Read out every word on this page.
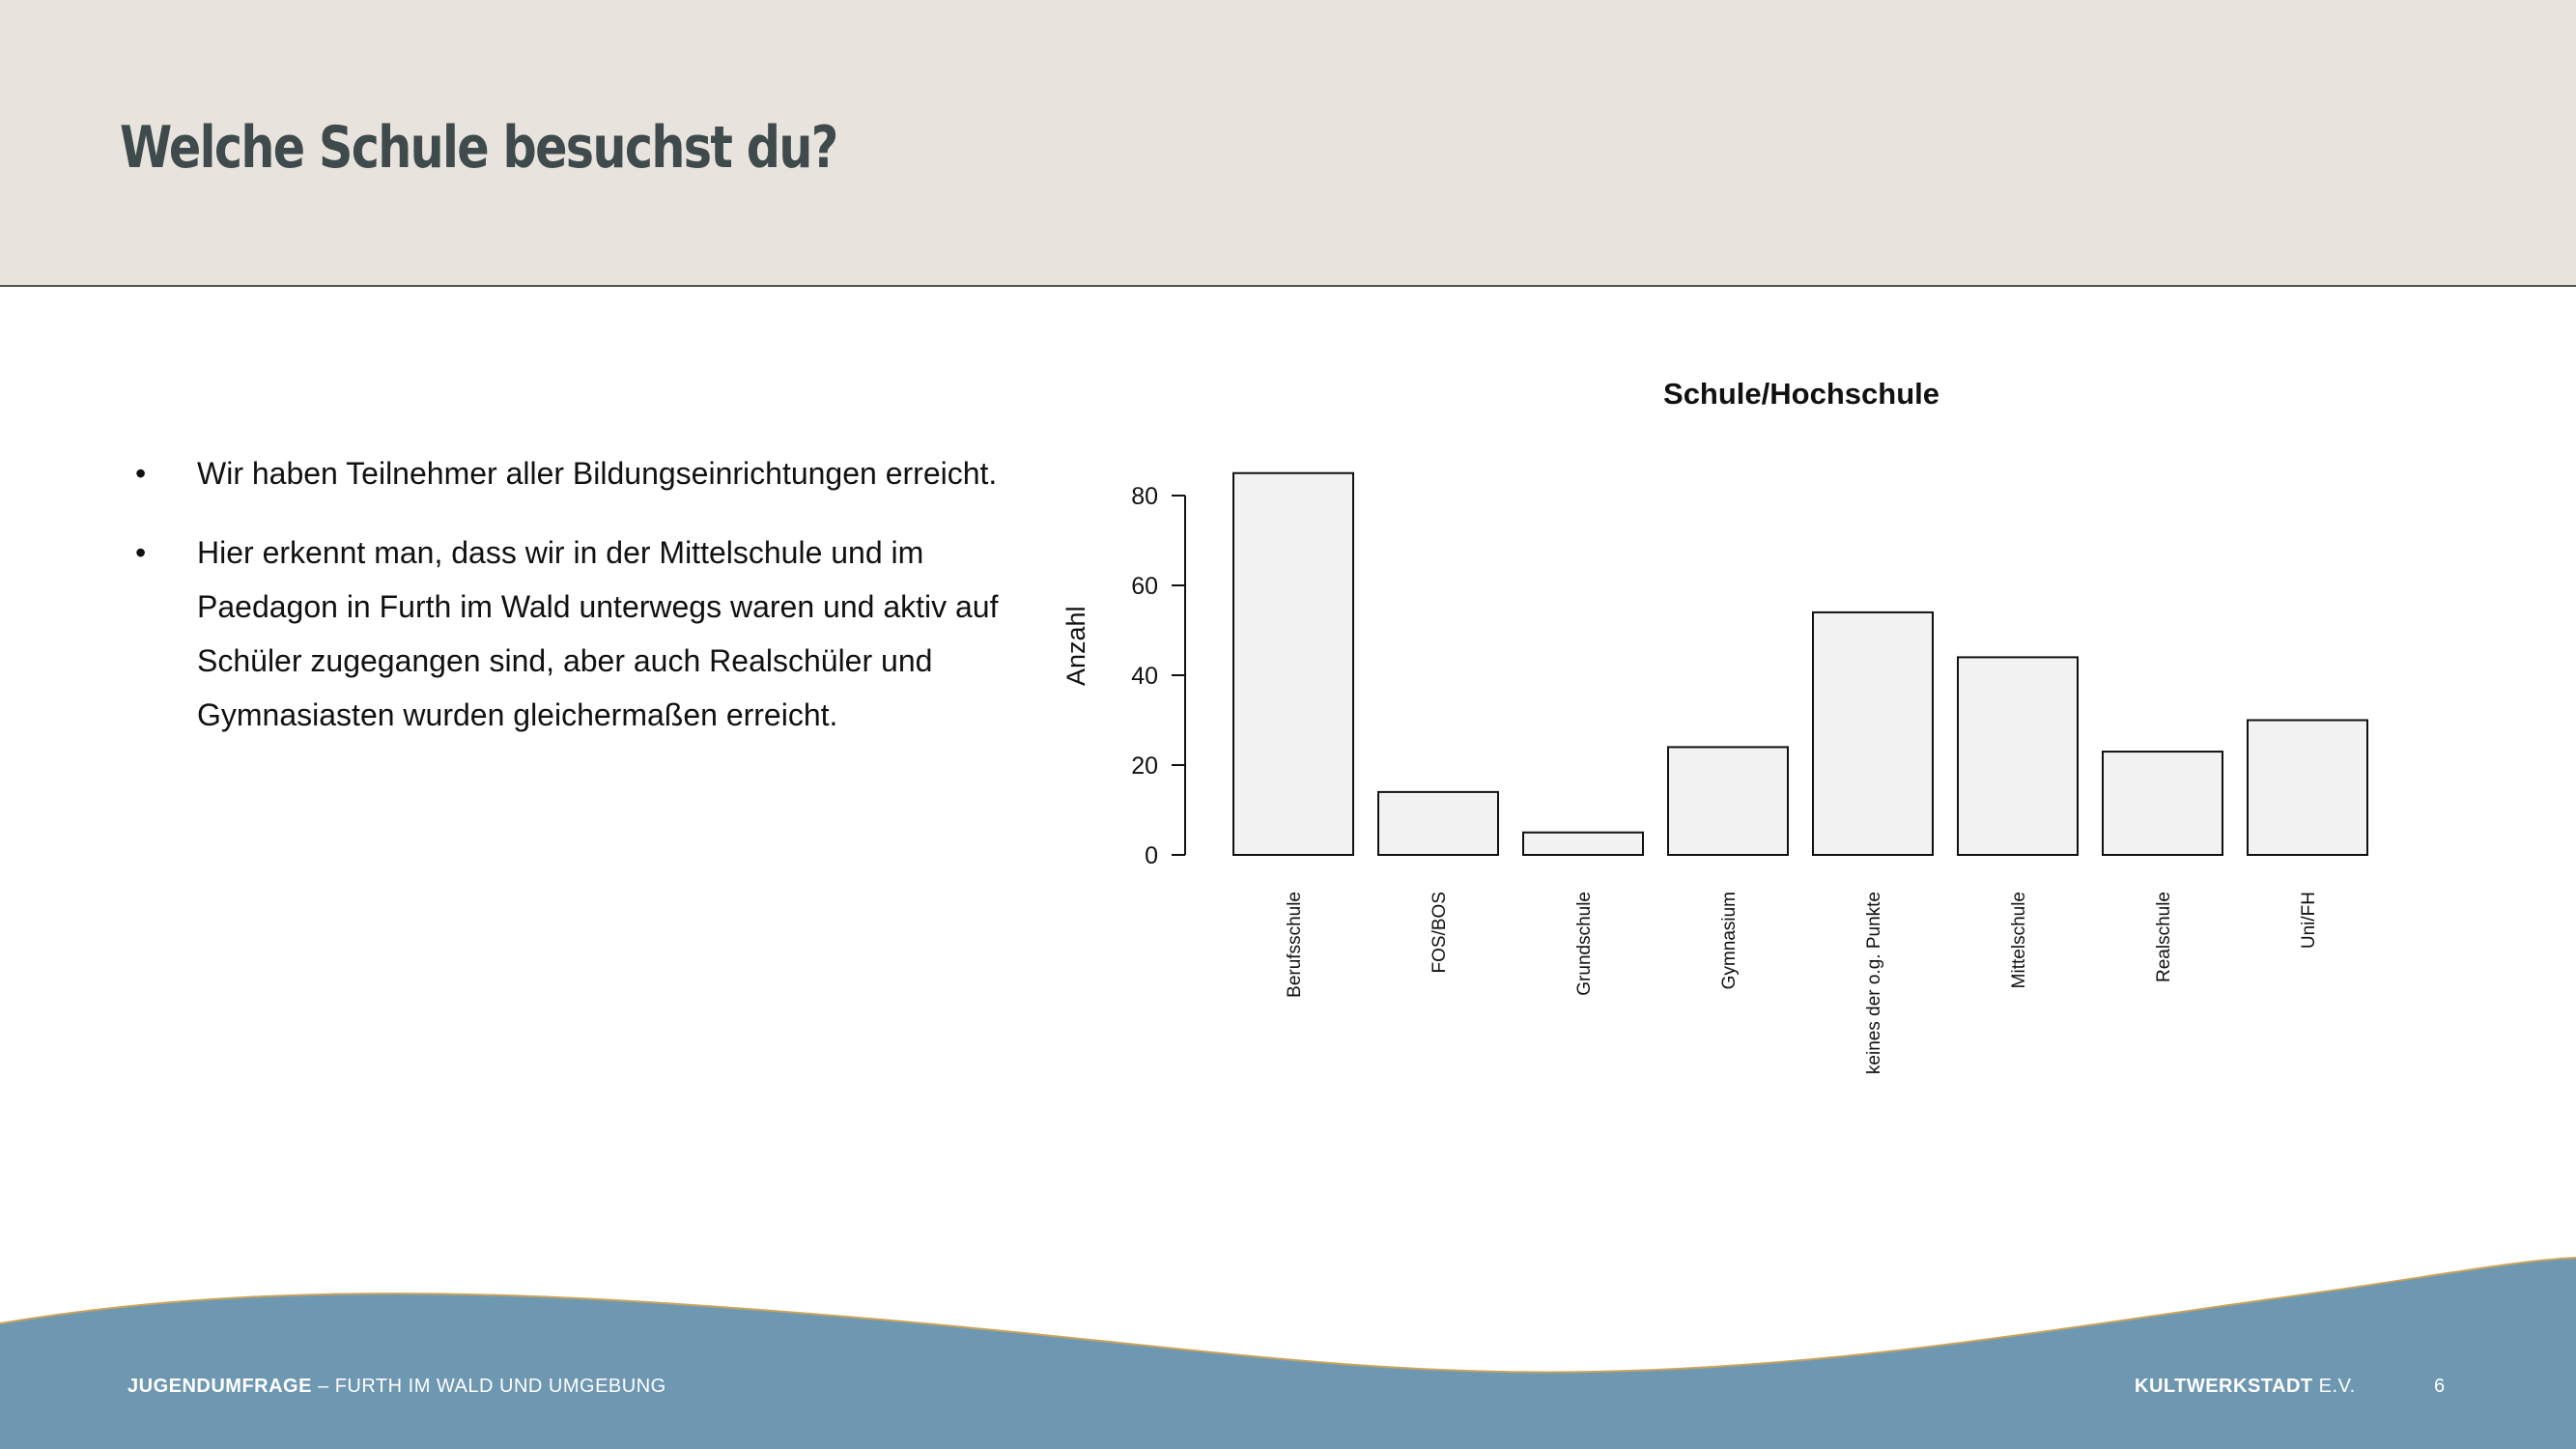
Welche Schule besuchst du?
• Wir haben Teilnehmer aller Bildungseinrichtungen erreicht.
• Hier erkennt man, dass wir in der Mittelschule und im Paedagon in Furth im Wald unterwegs waren und aktiv auf Schüler zugegangen sind, aber auch Realschüler und Gymnasiasten wurden gleichermaßen erreicht.
Schule/Hochschule
Anzahl
0
20
40
60
80
Berufsschule	FOS/BOS	Grundschule	Gymnasium	keines der o.g. Punkte	Mittelschule	Realschule	Uni/FH
JUGENDUMFRAGE – FURTH IM WALD UND UMGEBUNG	KULTWERKSTADT E.V.	6
